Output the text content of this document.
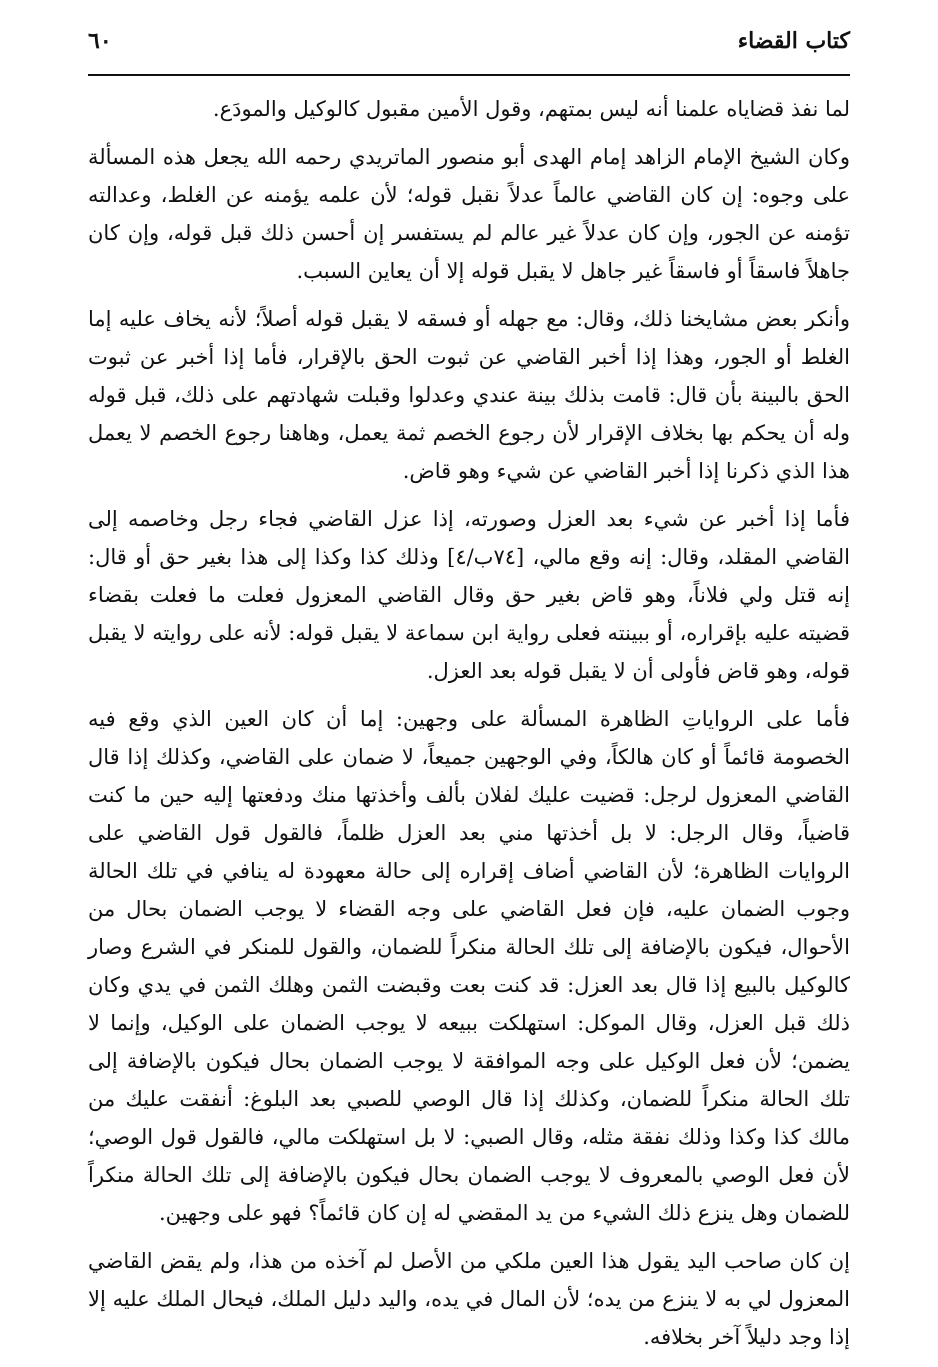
كتاب القضاء
٦٠

لما نفذ قضاياه علمنا أنه ليس بمتهم، وقول الأمين مقبول كالوكيل والمودَع.

وكان الشيخ الإمام الزاهد إمام الهدى أبو منصور الماتريدي رحمه الله يجعل هذه المسألة على وجوه: إن كان القاضي عالماً عدلاً نقبل قوله؛ لأن علمه يؤمنه عن الغلط، وعدالته تؤمنه عن الجور، وإن كان عدلاً غير عالم لم يستفسر إن أحسن ذلك قبل قوله، وإن كان جاهلاً فاسقاً أو فاسقاً غير جاهل لا يقبل قوله إلا أن يعاين السبب.

وأنكر بعض مشايخنا ذلك، وقال: مع جهله أو فسقه لا يقبل قوله أصلاً؛ لأنه يخاف عليه إما الغلط أو الجور، وهذا إذا أخبر القاضي عن ثبوت الحق بالإقرار، فأما إذا أخبر عن ثبوت الحق بالبينة بأن قال: قامت بذلك بينة عندي وعدلوا وقبلت شهادتهم على ذلك، قبل قوله وله أن يحكم بها بخلاف الإقرار لأن رجوع الخصم ثمة يعمل، وهاهنا رجوع الخصم لا يعمل هذا الذي ذكرنا إذا أخبر القاضي عن شيء وهو قاض.

فأما إذا أخبر عن شيء بعد العزل وصورته، إذا عزل القاضي فجاء رجل وخاصمه إلى القاضي المقلد، وقال: إنه وقع مالي، [٧٤ب/٤] وذلك كذا وكذا إلى هذا بغير حق أو قال: إنه قتل ولي فلاناً، وهو قاض بغير حق وقال القاضي المعزول فعلت ما فعلت بقضاء قضيته عليه بإقراره، أو ببينته فعلى رواية ابن سماعة لا يقبل قوله: لأنه على روايته لا يقبل قوله، وهو قاض فأولى أن لا يقبل قوله بعد العزل.

فأما على الرواياتِ الظاهرة المسألة على وجهين: إما أن كان العين الذي وقع فيه الخصومة قائماً أو كان هالكاً، وفي الوجهين جميعاً، لا ضمان على القاضي، وكذلك إذا قال القاضي المعزول لرجل: قضيت عليك لفلان بألف وأخذتها منك ودفعتها إليه حين ما كنت قاضياً، وقال الرجل: لا بل أخذتها مني بعد العزل ظلماً، فالقول قول القاضي على الروايات الظاهرة؛ لأن القاضي أضاف إقراره إلى حالة معهودة له ينافي في تلك الحالة وجوب الضمان عليه، فإن فعل القاضي على وجه القضاء لا يوجب الضمان بحال من الأحوال، فيكون بالإضافة إلى تلك الحالة منكراً للضمان، والقول للمنكر في الشرع وصار كالوكيل بالبيع إذا قال بعد العزل: قد كنت بعت وقبضت الثمن وهلك الثمن في يدي وكان ذلك قبل العزل، وقال الموكل: استهلكت ببيعه لا يوجب الضمان على الوكيل، وإنما لا يضمن؛ لأن فعل الوكيل على وجه الموافقة لا يوجب الضمان بحال فيكون بالإضافة إلى تلك الحالة منكراً للضمان، وكذلك إذا قال الوصي للصبي بعد البلوغ: أنفقت عليك من مالك كذا وكذا وذلك نفقة مثله، وقال الصبي: لا بل استهلكت مالي، فالقول قول الوصي؛ لأن فعل الوصي بالمعروف لا يوجب الضمان بحال فيكون بالإضافة إلى تلك الحالة منكراً للضمان وهل ينزع ذلك الشيء من يد المقضي له إن كان قائماً؟ فهو على وجهين.

إن كان صاحب اليد يقول هذا العين ملكي من الأصل لم آخذه من هذا، ولم يقض القاضي المعزول لي به لا ينزع من يده؛ لأن المال في يده، واليد دليل الملك، فيحال الملك عليه إلا إذا وجد دليلاً آخر بخلافه.
